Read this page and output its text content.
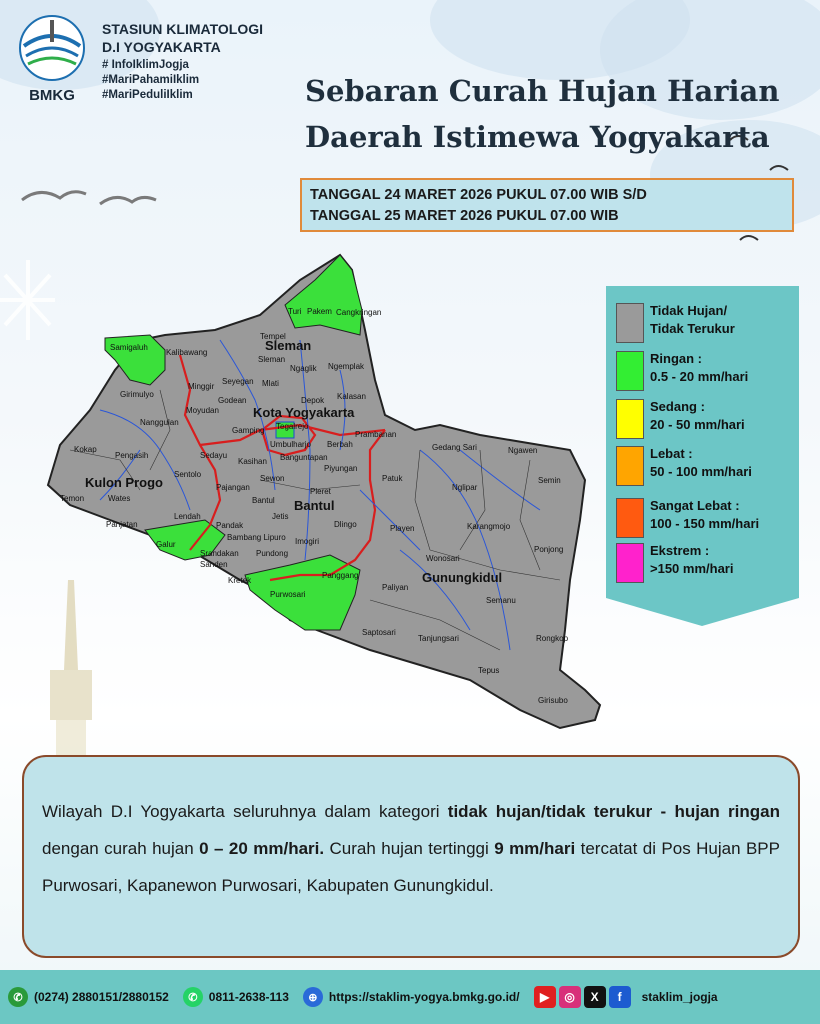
BMKG
STASIUN KLIMATOLOGI
D.I YOGYAKARTA
# InfoIklimJogja
#MariPahamiIklim
#MariPeduliIklim	Sebaran Curah Hujan Harian
Daerah Istimewa Yogyakarta
TANGGAL 24 MARET 2026 PUKUL 07.00 WIB S/D
TANGGAL 25 MARET 2026 PUKUL 07.00 WIB
Sleman
Kota Yogyakarta
Kulon Progo
Bantul
Gunungkidul
Turi Pakem Cangkringan
Tempel
Samigaluh
Kalibawang
Sleman
Ngaglik Ngemplak
Minggir
Seyegan Mlati
Girimulyo
Moyudan
Godean	Depok Kalasan
Nanggulan
Gamping Tegalrejo
Prambanan
Kokap
Pengasih	Sedayu
Umbulharjo Berbah
Kasihan Banguntapan
Gedang Sari	Ngawen
Sentolo	Sewon
Piyungan
Temon	Wates
Pajangan
Patuk
Nglipar
Semin
Bantul
Pleret
Jetis
Panjatan
Lendah
Pandak	Dlingo	Playen	Karangmojo
Galur
Srandakan
Bambang Lipuro Imogiri
Pundong	Ponjong
Wonosari
Sanden
Kretek
Panggang
Purwosari
Paliyan
Semanu
Saptosari
Tanjungsari	Rongkop
Tepus
Girisubo
Tidak Hujan/
Tidak Terukur
Ringan :
0.5 - 20 mm/hari
Sedang :
20 - 50 mm/hari
Lebat :
50 - 100 mm/hari
Sangat Lebat :
100 - 150 mm/hari
Ekstrem :
>150 mm/hari
Wilayah D.I Yogyakarta seluruhnya dalam kategori tidak hujan/tidak terukur - hujan ringan dengan curah hujan 0 – 20 mm/hari. Curah hujan tertinggi 9 mm/hari tercatat di Pos Hujan BPP Purwosari, Kapanewon Purwosari, Kabupaten Gunungkidul.
✆ (0274) 2880151/2880152	✆ 0811-2638-113	⊕ https://staklim-yogya.bmkg.go.id/	▶	◎	X	f	staklim_jogja
